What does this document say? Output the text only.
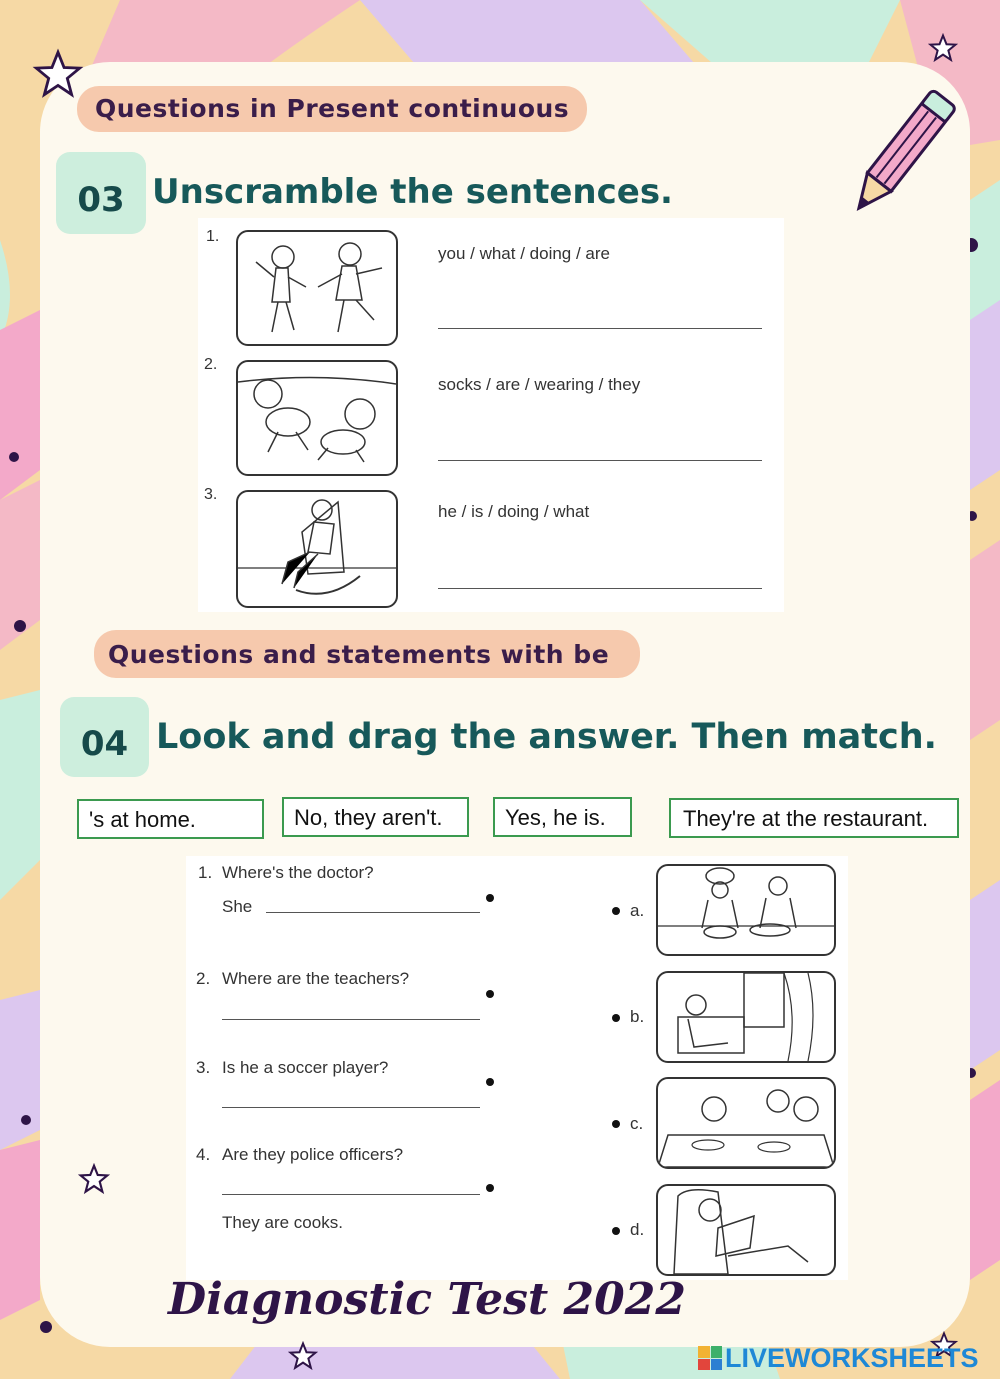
Questions in Present continuous
03 Unscramble the sentences.
1.
you / what / doing / are
2.
socks / are / wearing / they
3.
he / is / doing / what
Questions and statements with be
04 Look and drag the answer. Then match.
's at home.	No, they aren't.	Yes, he is.	They're at the restaurant.
1. Where's the doctor?
She
2. Where are the teachers?
3. Is he a soccer player?
4. Are they police officers?
They are cooks.
a.
b.
c.
d.
Diagnostic Test 2022
LIVEWORKSHEETS
